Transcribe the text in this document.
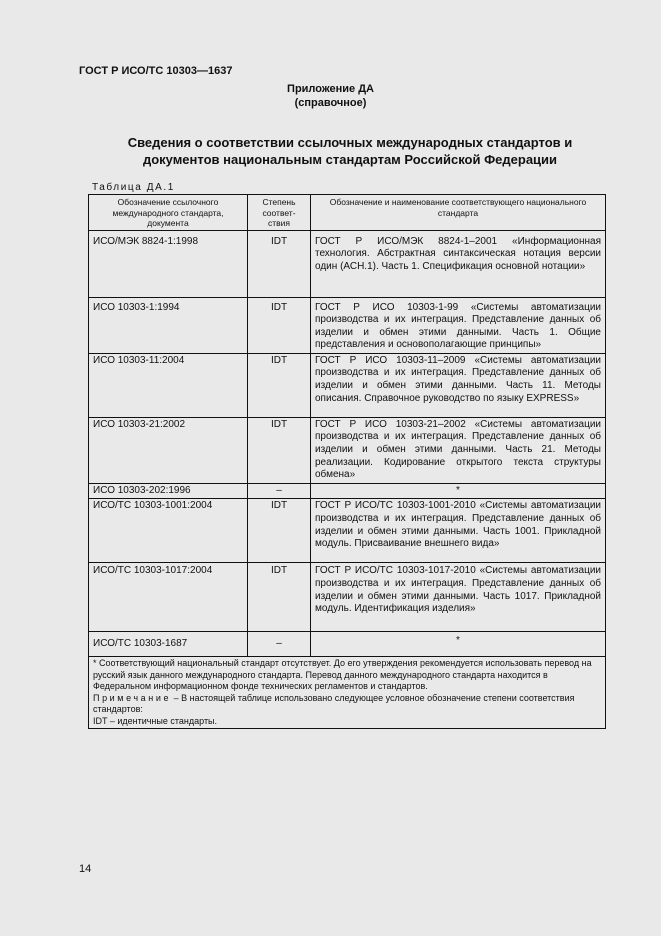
ГОСТ Р ИСО/ТС 10303—1637
Приложение ДА
(справочное)
Сведения о соответствии ссылочных международных стандартов и
документов национальным стандартам Российской Федерации
Таблица ДА.1
Обозначение ссылочного международного стандарта, документа	Степень соответ-ствия	Обозначение и наименование соответствующего национального стандарта
ИСО/МЭК 8824-1:1998	IDT	ГОСТ Р ИСО/МЭК 8824-1–2001 «Информационная технология. Абстрактная синтаксическая нотация версии один (АСН.1). Часть 1. Спецификация основной нотации»
ИСО 10303-1:1994	IDT	ГОСТ Р ИСО 10303-1-99 «Системы автоматизации производства и их интеграция. Представление данных об изделии и обмен этими данными. Часть 1. Общие представления и основополагающие принципы»
ИСО 10303-11:2004	IDT	ГОСТ Р ИСО 10303-11–2009 «Системы автоматизации производства и их интеграция. Представление данных об изделии и обмен этими данными. Часть 11. Методы описания. Справочное руководство по языку EXPRESS»
ИСО 10303-21:2002	IDT	ГОСТ Р ИСО 10303-21–2002 «Системы автоматизации производства и их интеграция. Представление данных об изделии и обмен этими данными. Часть 21. Методы реализации. Кодирование открытого текста структуры обмена»
ИСО 10303-202:1996	–	*
ИСО/ТС 10303-1001:2004	IDT	ГОСТ Р ИСО/ТС 10303-1001-2010 «Системы автоматизации производства и их интеграция. Представление данных об изделии и обмен этими данными. Часть 1001. Прикладной модуль. Присваивание внешнего вида»
ИСО/ТС 10303-1017:2004	IDT	ГОСТ Р ИСО/ТС 10303-1017-2010 «Системы автоматизации производства и их интеграция. Представление данных об изделии и обмен этими данными. Часть 1017. Прикладной модуль. Идентификация изделия»
ИСО/ТС 10303-1687	–	*

* Соответствующий национальный стандарт отсутствует. До его утверждения рекомендуется использовать перевод на русский язык данного международного стандарта. Перевод данного международного стандарта находится в Федеральном информационном фонде технических регламентов и стандартов.

Примечание – В настоящей таблице использовано следующее условное обозначение степени соответствия стандартов:

IDT – идентичные стандарты.		

14
